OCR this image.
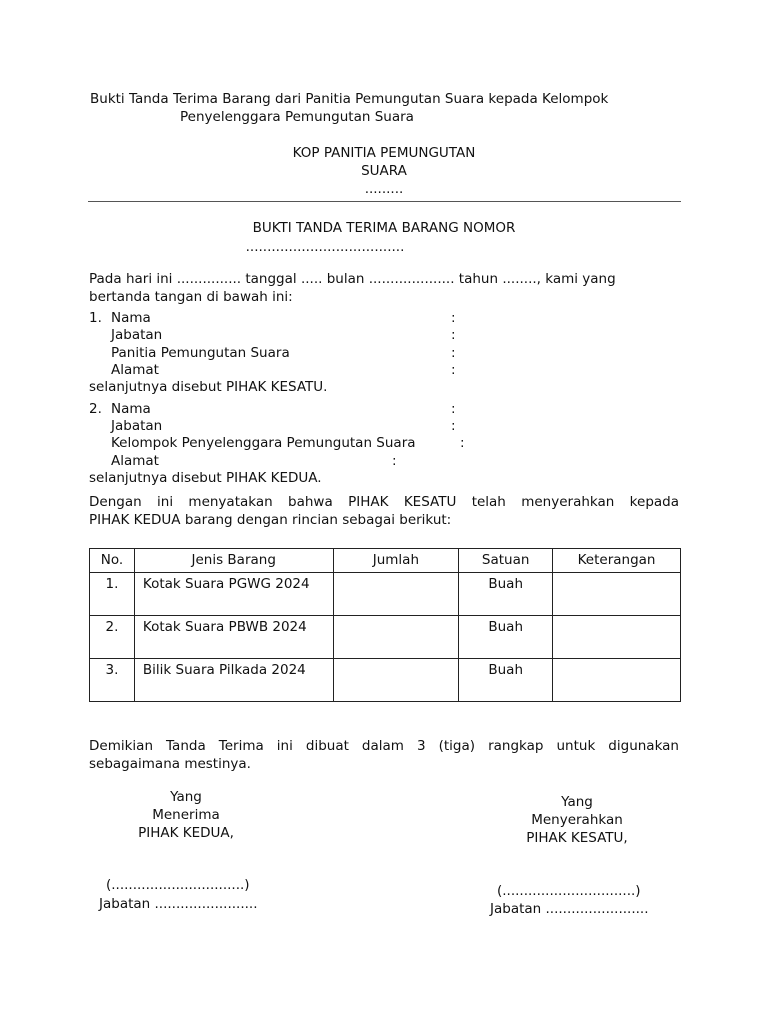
Bukti Tanda Terima Barang dari Panitia Pemungutan Suara kepada Kelompok
Penyelenggara Pemungutan Suara
KOP PANITIA PEMUNGUTAN
SUARA
.........
BUKTI TANDA TERIMA BARANG NOMOR
.....................................
Pada hari ini ............... tanggal ..... bulan .................... tahun ........, kami yang
bertanda tangan di bawah ini:
1. Nama	:
Jabatan	:
Panitia Pemungutan Suara	:
Alamat	:
selanjutnya disebut PIHAK KESATU.
2. Nama	:
Jabatan	:
Kelompok Penyelenggara Pemungutan Suara	:
Alamat	:
selanjutnya disebut PIHAK KEDUA.
Dengan ini menyatakan bahwa PIHAK KESATU telah menyerahkan kepada
PIHAK KEDUA barang dengan rincian sebagai berikut:
No.	Jenis Barang	Jumlah	Satuan	Keterangan
1.	Kotak Suara PGWG 2024		Buah	
2.	Kotak Suara PBWB 2024		Buah	
3.	Bilik Suara Pilkada 2024		Buah	
Demikian Tanda Terima ini dibuat dalam 3 (tiga) rangkap untuk digunakan
sebagaimana mestinya.
Yang
Menerima
PIHAK KEDUA,
(...............................)
Jabatan ........................
Yang
Menyerahkan
PIHAK KESATU,
(...............................)
Jabatan ........................
